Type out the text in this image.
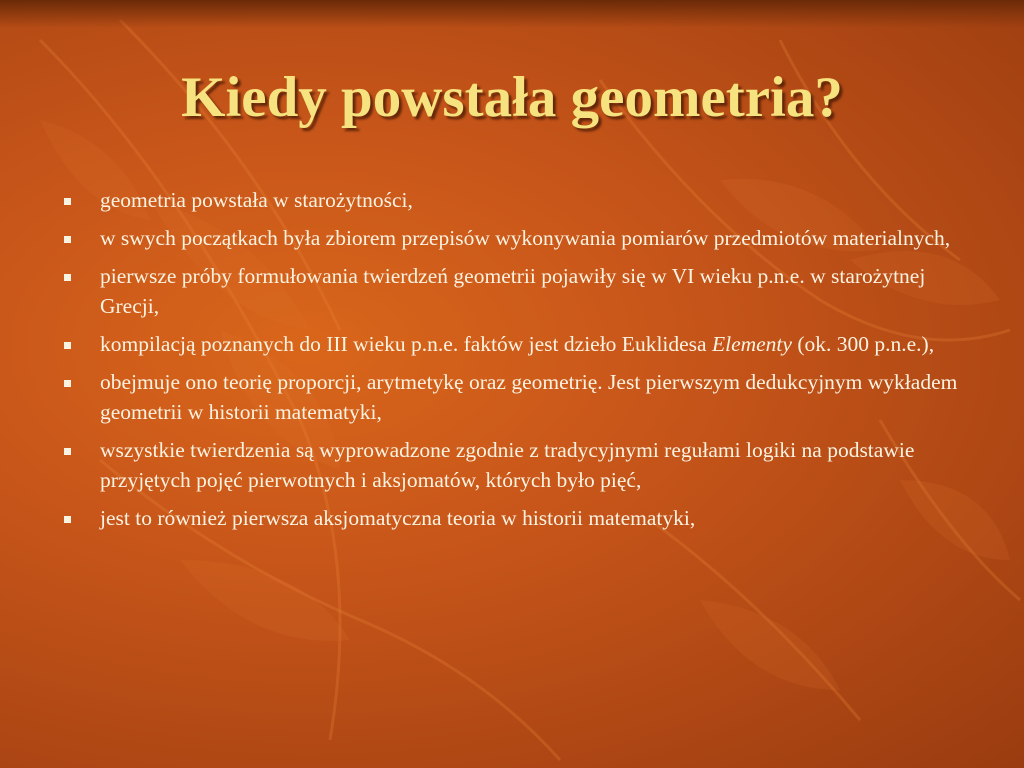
Kiedy powstała geometria?
geometria powstała w starożytności,
w swych początkach była zbiorem przepisów wykonywania pomiarów przedmiotów materialnych,
pierwsze próby formułowania twierdzeń geometrii pojawiły się w VI wieku p.n.e. w starożytnej Grecji,
kompilacją poznanych do III wieku p.n.e. faktów jest dzieło Euklidesa Elementy (ok. 300 p.n.e.),
obejmuje ono teorię proporcji, arytmetykę oraz geometrię. Jest pierwszym dedukcyjnym wykładem geometrii w historii matematyki,
wszystkie twierdzenia są wyprowadzone zgodnie z tradycyjnymi regułami logiki na podstawie przyjętych pojęć pierwotnych i aksjomatów, których było pięć,
jest to również pierwsza aksjomatyczna teoria w historii matematyki,
